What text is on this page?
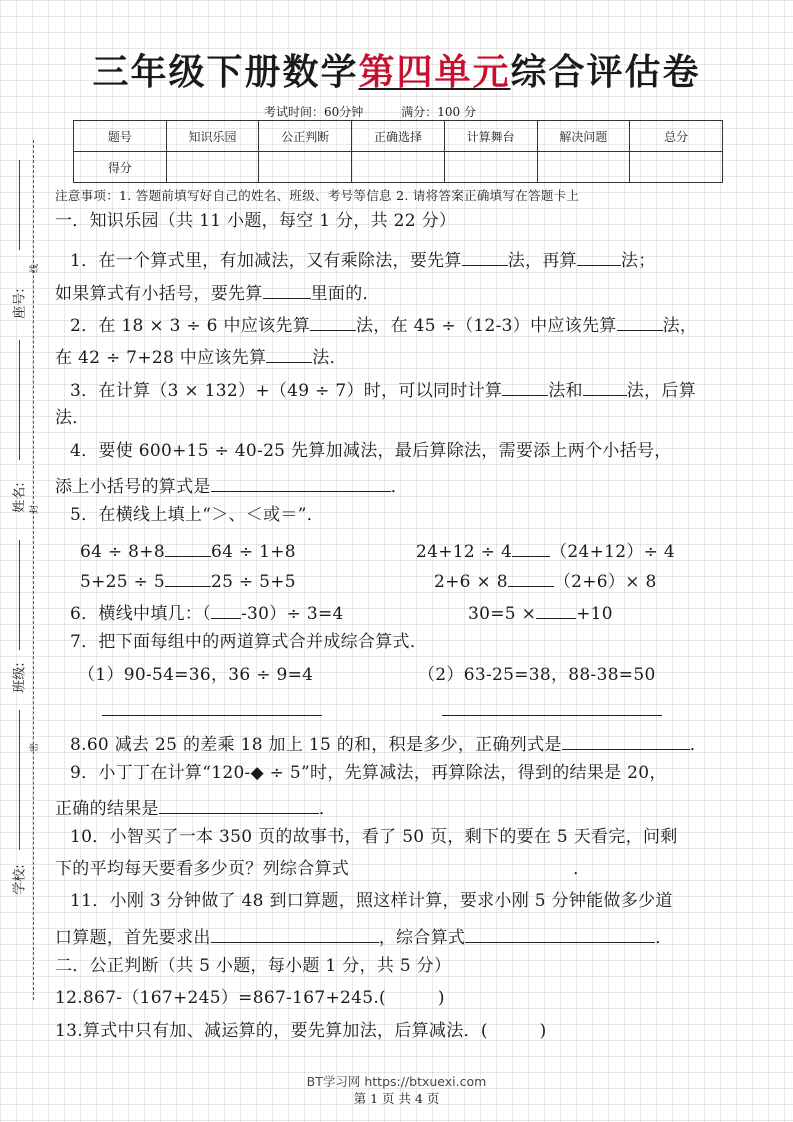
三年级下册数学第四单元综合评估卷
考试时间：60分钟	满分：100 分
题号	知识乐园	公正判断	正确选择	计算舞台	解决问题	总分
得分						
注意事项：1. 答题前填写好自己的姓名、班级、考号等信息 2. 请将答案正确填写在答题卡上
线
封
密
座号:
姓名:
班级:
学校:
一．知识乐园（共 11 小题，每空 1 分，共 22 分）
1．在一个算式里，有加减法，又有乘除法，要先算	法，再算	法；
如果算式有小括号，要先算	里面的．
2．在 18 × 3 ÷ 6 中应该先算	法，在 45 ÷（12-3）中应该先算	法，
在 42 ÷ 7+28 中应该先算	法．
3．在计算（3 × 132）+（49 ÷ 7）时，可以同时计算	法和	法，后算
法．
4．要使 600+15 ÷ 40-25 先算加减法，最后算除法，需要添上两个小括号，
添上小括号的算式是	．
5．在横线上填上“＞、＜或＝”．
64 ÷ 8+8	64 ÷ 1+8	24+12 ÷ 4 （24+12）÷ 4
5+25 ÷ 5	25 ÷ 5+5	2+6 × 8	（2+6）× 8
6．横线中填几：（ -30）÷ 3=4	30=5 × +10
7．把下面每组中的两道算式合并成综合算式．
（1）90-54=36，36 ÷ 9=4	（2）63-25=38，88-38=50
8.60 减去 25 的差乘 18 加上 15 的和，积是多少，正确列式是	．
9．小丁丁在计算“120-◆ ÷ 5”时，先算减法，再算除法，得到的结果是 20，
正确的结果是	．
10．小智买了一本 350 页的故事书，看了 50 页，剩下的要在 5 天看完，问剩
下的平均每天要看多少页？列综合算式	．
11．小刚 3 分钟做了 48 到口算题，照这样计算，要求小刚 5 分钟能做多少道
口算题，首先要求出	，综合算式	．
二．公正判断（共 5 小题，每小题 1 分，共 5 分）
12.867-（167+245）=867-167+245.(　　　)
13.算式中只有加、减运算的，要先算加法，后算减法．(　　　)
BT学习网 https://btxuexi.com
第 1 页 共 4 页
